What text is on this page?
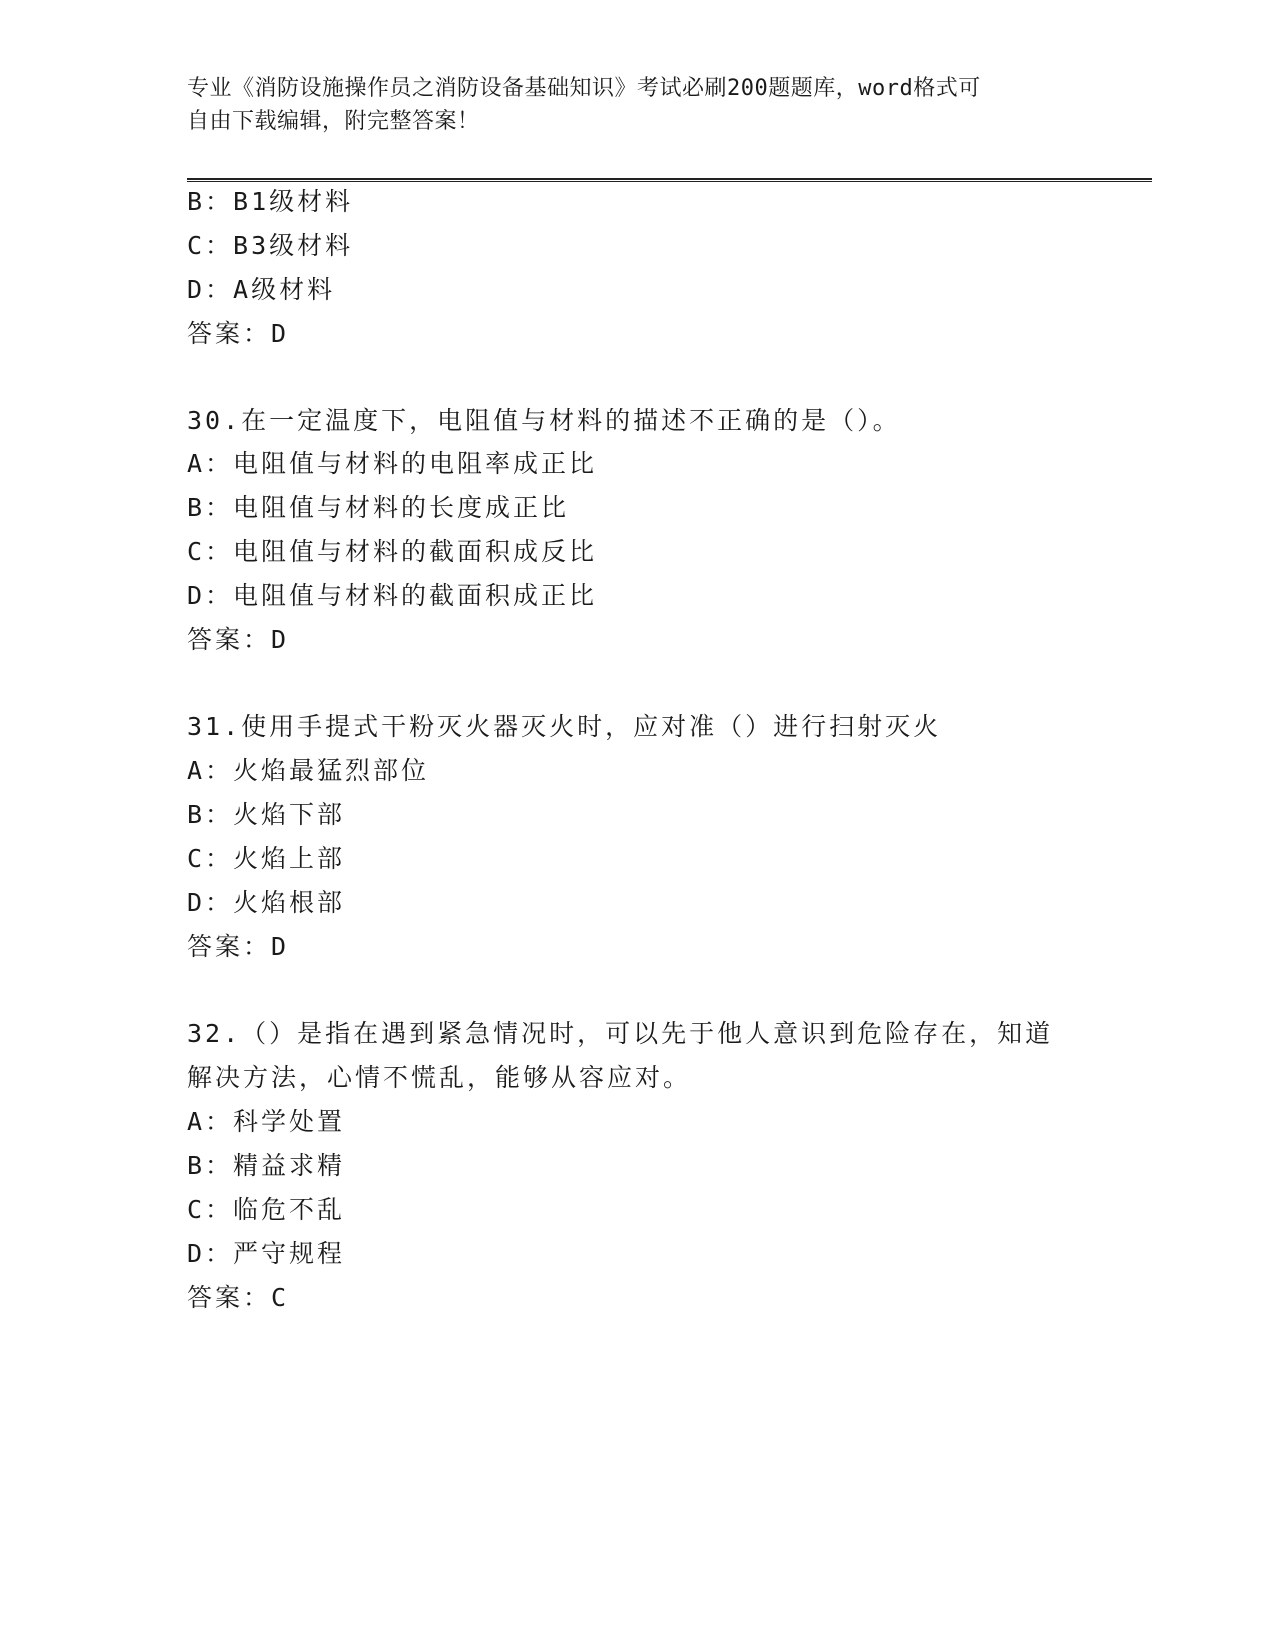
专业《消防设施操作员之消防设备基础知识》考试必刷200题题库，word格式可
自由下载编辑，附完整答案！
B：B1级材料
C：B3级材料
D：A级材料
答案：D
30.在一定温度下，电阻值与材料的描述不正确的是（）。
A：电阻值与材料的电阻率成正比
B：电阻值与材料的长度成正比
C：电阻值与材料的截面积成反比
D：电阻值与材料的截面积成正比
答案：D
31.使用手提式干粉灭火器灭火时，应对准（）进行扫射灭火
A：火焰最猛烈部位
B：火焰下部
C：火焰上部
D：火焰根部
答案：D
32.（）是指在遇到紧急情况时，可以先于他人意识到危险存在，知道
解决方法，心情不慌乱，能够从容应对。
A：科学处置
B：精益求精
C：临危不乱
D：严守规程
答案：C
